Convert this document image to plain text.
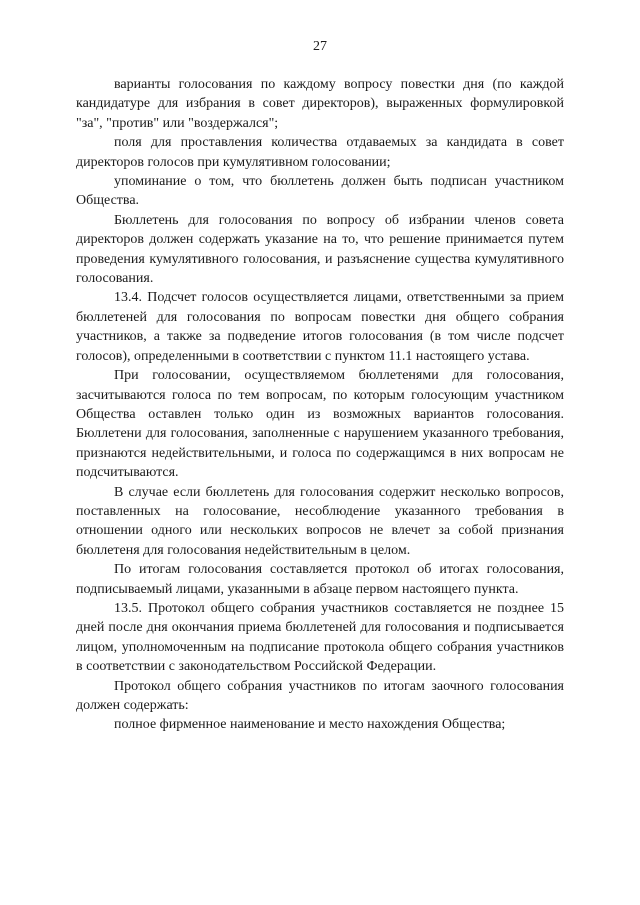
27

варианты голосования по каждому вопросу повестки дня (по каждой кандидатуре для избрания в совет директоров), выраженных формулировкой "за", "против" или "воздержался";

поля для проставления количества отдаваемых за кандидата в совет директоров голосов при кумулятивном голосовании;

упоминание о том, что бюллетень должен быть подписан участником Общества.

Бюллетень для голосования по вопросу об избрании членов совета директоров должен содержать указание на то, что решение принимается путем проведения кумулятивного голосования, и разъяснение существа кумулятивного голосования.

13.4. Подсчет голосов осуществляется лицами, ответственными за прием бюллетеней для голосования по вопросам повестки дня общего собрания участников, а также за подведение итогов голосования (в том числе подсчет голосов), определенными в соответствии с пунктом 11.1 настоящего устава.

При голосовании, осуществляемом бюллетенями для голосования, засчитываются голоса по тем вопросам, по которым голосующим участником Общества оставлен только один из возможных вариантов голосования. Бюллетени для голосования, заполненные с нарушением указанного требования, признаются недействительными, и голоса по содержащимся в них вопросам не подсчитываются.

В случае если бюллетень для голосования содержит несколько вопросов, поставленных на голосование, несоблюдение указанного требования в отношении одного или нескольких вопросов не влечет за собой признания бюллетеня для голосования недействительным в целом.

По итогам голосования составляется протокол об итогах голосования, подписываемый лицами, указанными в абзаце первом настоящего пункта.

13.5. Протокол общего собрания участников составляется не позднее 15 дней после дня окончания приема бюллетеней для голосования и подписывается лицом, уполномоченным на подписание протокола общего собрания участников в соответствии с законодательством Российской Федерации.

Протокол общего собрания участников по итогам заочного голосования должен содержать:

полное фирменное наименование и место нахождения Общества;
